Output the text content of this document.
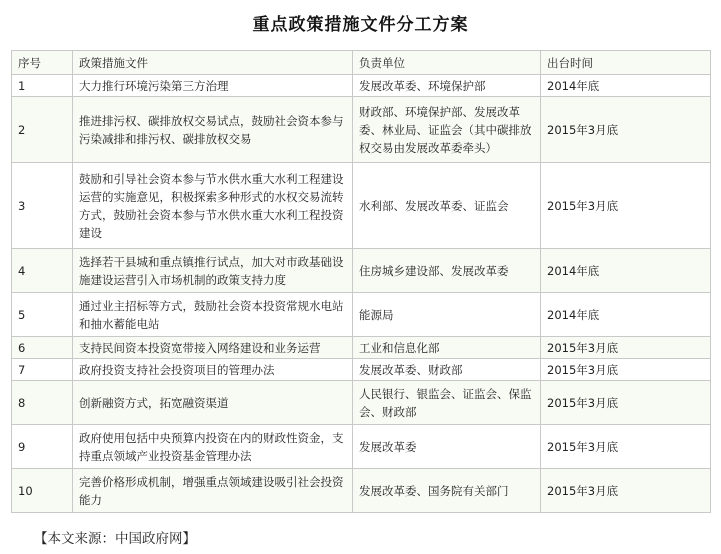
重点政策措施文件分工方案
序号	政策措施文件	负责单位	出台时间
1	大力推行环境污染第三方治理	发展改革委、环境保护部	2014年底
2	推进排污权、碳排放权交易试点，鼓励社会资本参与污染减排和排污权、碳排放权交易	财政部、环境保护部、发展改革委、林业局、证监会（其中碳排放权交易由发展改革委牵头）	2015年3月底
3	鼓励和引导社会资本参与节水供水重大水利工程建设运营的实施意见，积极探索多种形式的水权交易流转方式，鼓励社会资本参与节水供水重大水利工程投资建设	水利部、发展改革委、证监会	2015年3月底
4	选择若干县城和重点镇推行试点，加大对市政基础设施建设运营引入市场机制的政策支持力度	住房城乡建设部、发展改革委	2014年底
5	通过业主招标等方式，鼓励社会资本投资常规水电站和抽水蓄能电站	能源局	2014年底
6	支持民间资本投资宽带接入网络建设和业务运营	工业和信息化部	2015年3月底
7	政府投资支持社会投资项目的管理办法	发展改革委、财政部	2015年3月底
8	创新融资方式，拓宽融资渠道	人民银行、银监会、证监会、保监会、财政部	2015年3月底
9	政府使用包括中央预算内投资在内的财政性资金，支持重点领域产业投资基金管理办法	发展改革委	2015年3月底
10	完善价格形成机制，增强重点领域建设吸引社会投资能力	发展改革委、国务院有关部门	2015年3月底
【本文来源：中国政府网】
